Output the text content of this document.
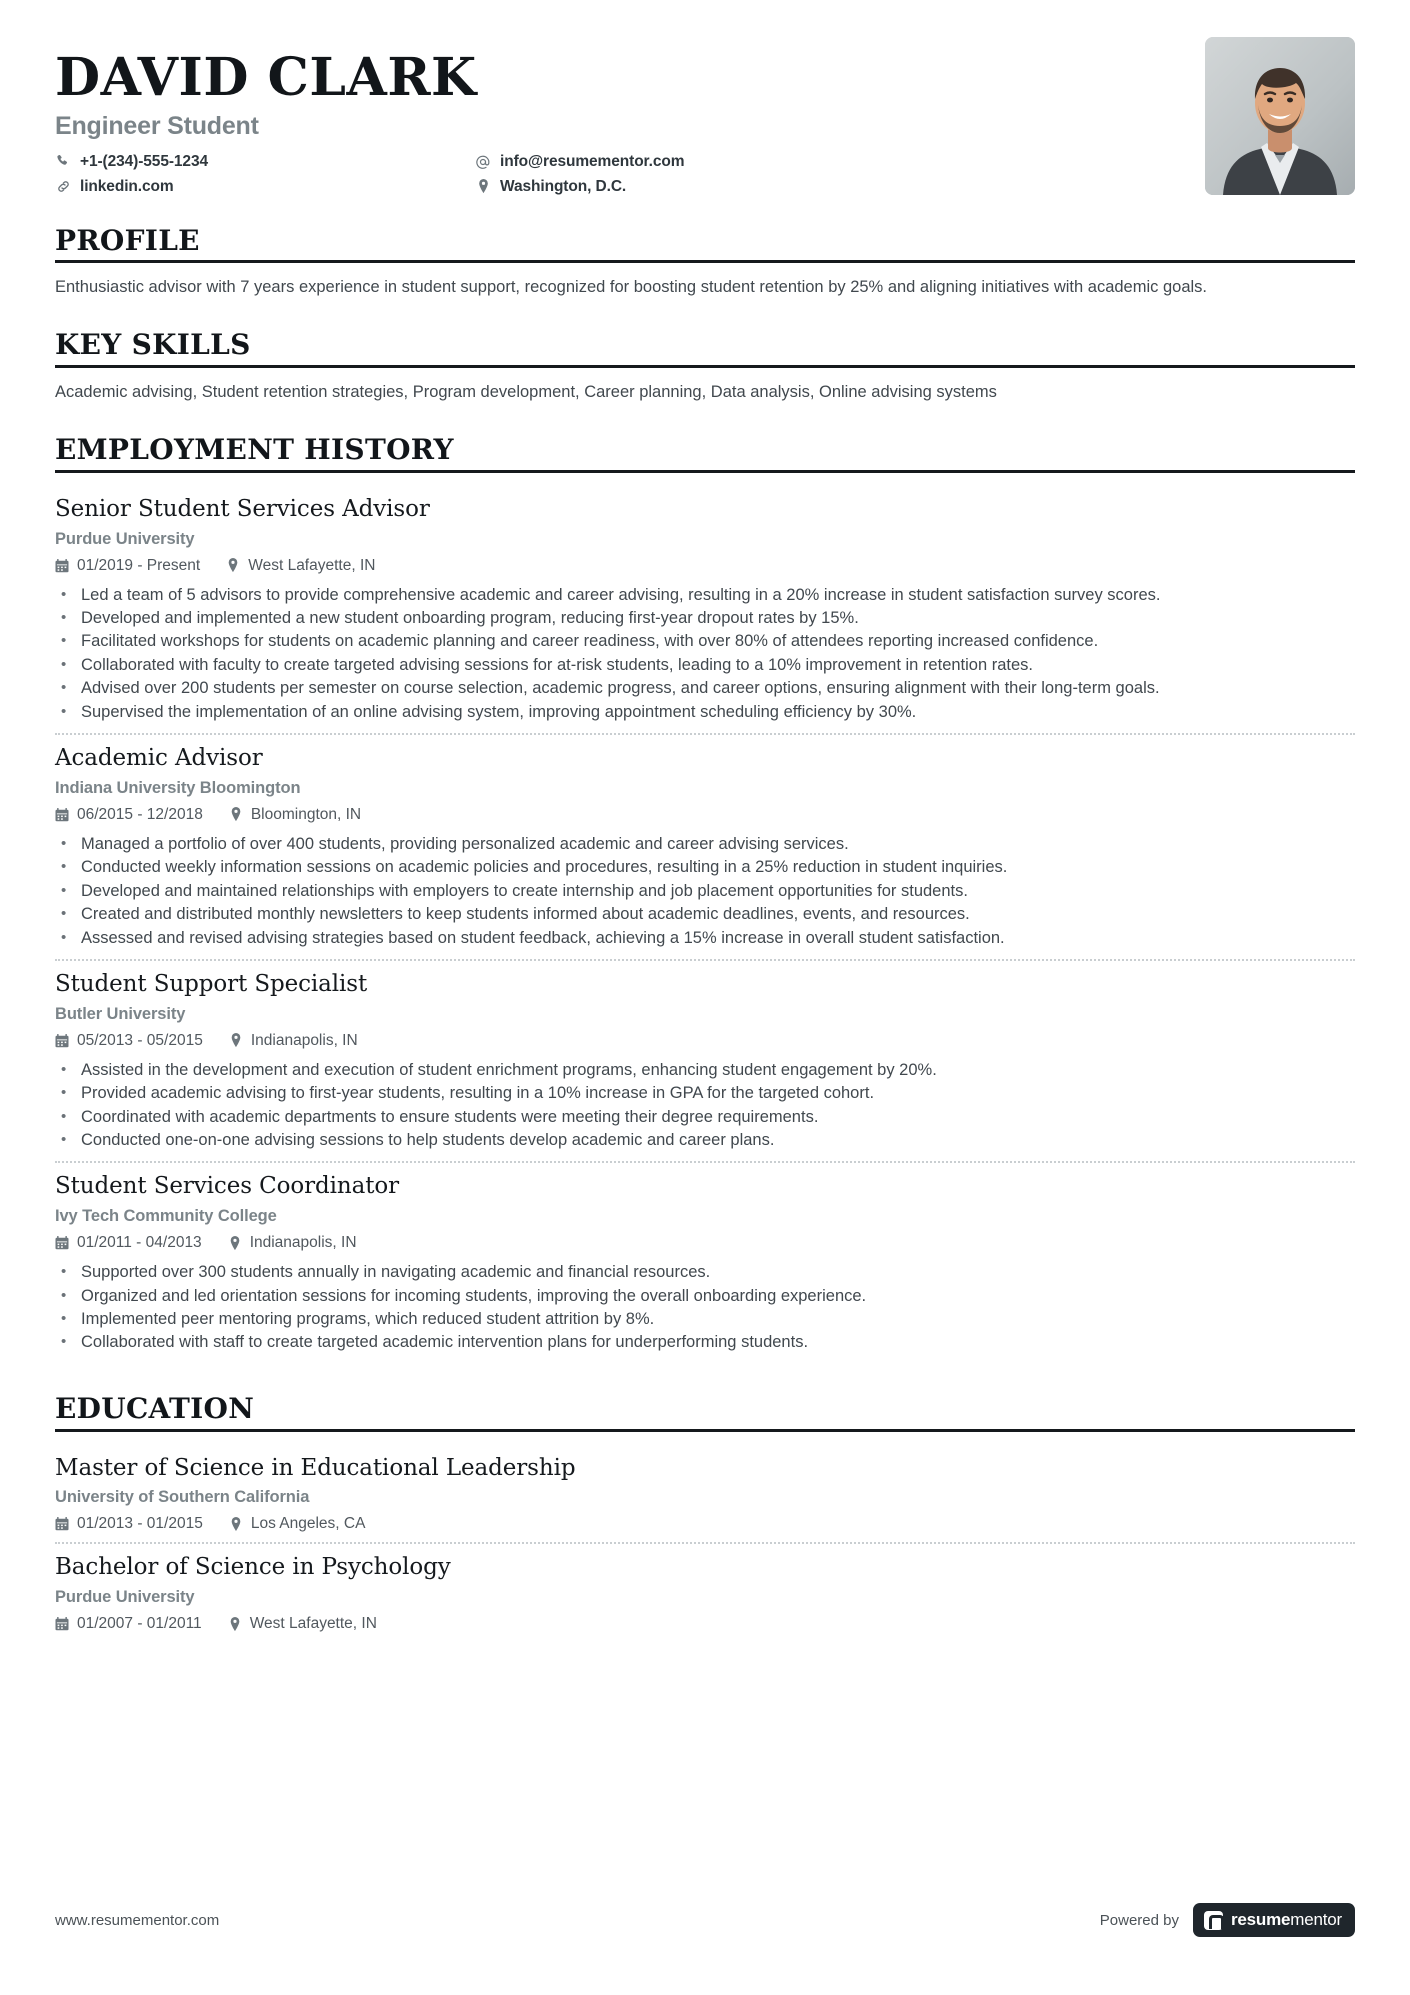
DAVID CLARK
Engineer Student
+1-(234)-555-1234
linkedin.com
info@resumementor.com
Washington, D.C.
PROFILE
Enthusiastic advisor with 7 years experience in student support, recognized for boosting student retention by 25% and aligning initiatives with academic goals.
KEY SKILLS
Academic advising, Student retention strategies, Program development, Career planning, Data analysis, Online advising systems
EMPLOYMENT HISTORY
Senior Student Services Advisor
Purdue University
01/2019 - Present	West Lafayette, IN
• Led a team of 5 advisors to provide comprehensive academic and career advising, resulting in a 20% increase in student satisfaction survey scores.
• Developed and implemented a new student onboarding program, reducing first-year dropout rates by 15%.
• Facilitated workshops for students on academic planning and career readiness, with over 80% of attendees reporting increased confidence.
• Collaborated with faculty to create targeted advising sessions for at-risk students, leading to a 10% improvement in retention rates.
• Advised over 200 students per semester on course selection, academic progress, and career options, ensuring alignment with their long-term goals.
• Supervised the implementation of an online advising system, improving appointment scheduling efficiency by 30%.
Academic Advisor
Indiana University Bloomington
06/2015 - 12/2018	Bloomington, IN
• Managed a portfolio of over 400 students, providing personalized academic and career advising services.
• Conducted weekly information sessions on academic policies and procedures, resulting in a 25% reduction in student inquiries.
• Developed and maintained relationships with employers to create internship and job placement opportunities for students.
• Created and distributed monthly newsletters to keep students informed about academic deadlines, events, and resources.
• Assessed and revised advising strategies based on student feedback, achieving a 15% increase in overall student satisfaction.
Student Support Specialist
Butler University
05/2013 - 05/2015	Indianapolis, IN
• Assisted in the development and execution of student enrichment programs, enhancing student engagement by 20%.
• Provided academic advising to first-year students, resulting in a 10% increase in GPA for the targeted cohort.
• Coordinated with academic departments to ensure students were meeting their degree requirements.
• Conducted one-on-one advising sessions to help students develop academic and career plans.
Student Services Coordinator
Ivy Tech Community College
01/2011 - 04/2013	Indianapolis, IN
• Supported over 300 students annually in navigating academic and financial resources.
• Organized and led orientation sessions for incoming students, improving the overall onboarding experience.
• Implemented peer mentoring programs, which reduced student attrition by 8%.
• Collaborated with staff to create targeted academic intervention plans for underperforming students.
EDUCATION
Master of Science in Educational Leadership
University of Southern California
01/2013 - 01/2015	Los Angeles, CA
Bachelor of Science in Psychology
Purdue University
01/2007 - 01/2011	West Lafayette, IN
www.resumementor.com	Powered by	resumementor
